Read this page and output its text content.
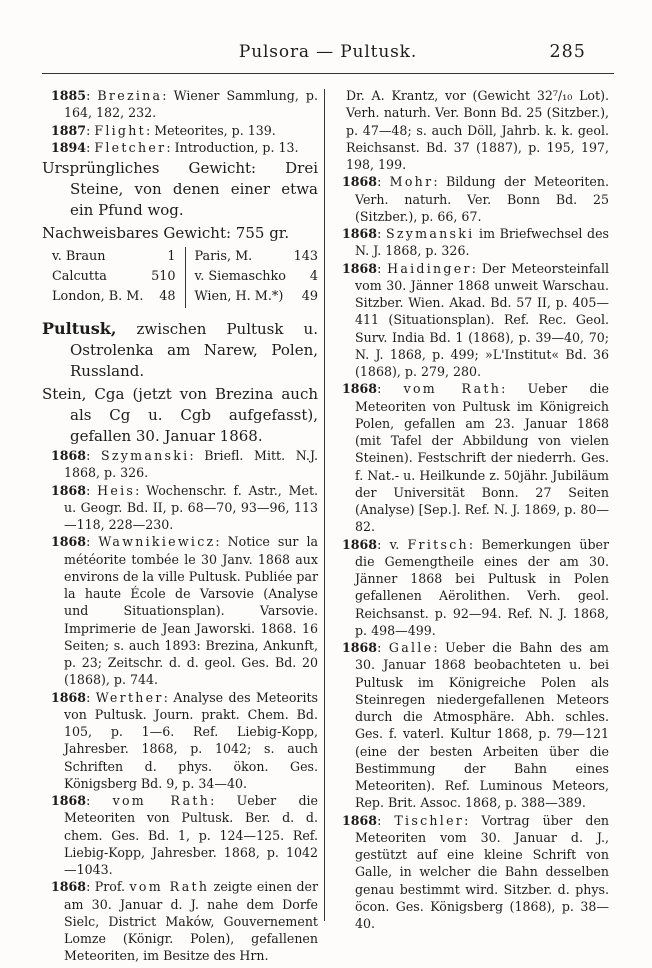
Pulsora — Pultusk.	285

1885: Brezina: Wiener Sammlung, p. 164, 182, 232.

1887: Flight: Meteorites, p. 139.

1894: Fletcher: Introduction, p. 13.

Ursprüngliches Gewicht: Drei Steine, von denen einer etwa ein Pfund wog.

Nachweisbares Gewicht: 755 gr.

v. Braun	1 Paris, M.	143
Calcutta	510 v. Siemaschko	4
London, B. M.	48 Wien, H. M.*)	49

Pultusk, zwischen Pultusk u. Ostrolenka am Narew, Polen, Russland.

Stein, Cga (jetzt von Brezina auch als Cg u. Cgb aufgefasst), gefallen 30. Januar 1868.

1868: Szymanski: Briefl. Mitt. N.J. 1868, p. 326.

1868: Heis: Wochenschr. f. Astr., Met. u. Geogr. Bd. II, p. 68—70, 93—96, 113—118, 228—230.

1868: Wawnikiewicz: Notice sur la météorite tombée le 30 Janv. 1868 aux environs de la ville Pultusk. Publiée par la haute École de Varsovie (Analyse und Situationsplan). Varsovie. Imprimerie de Jean Jaworski. 1868. 16 Seiten; s. auch 1893: Brezina, Ankunft, p. 23; Zeitschr. d. d. geol. Ges. Bd. 20 (1868), p. 744.

1868: Werther: Analyse des Meteorits von Pultusk. Journ. prakt. Chem. Bd. 105, p. 1—6. Ref. Liebig-Kopp, Jahresber. 1868, p. 1042; s. auch Schriften d. phys. ökon. Ges. Königsberg Bd. 9, p. 34—40.

1868: vom Rath: Ueber die Meteoriten von Pultusk. Ber. d. d. chem. Ges. Bd. 1, p. 124—125. Ref. Liebig-Kopp, Jahresber. 1868, p. 1042—1043.

1868: Prof. vom Rath zeigte einen der am 30. Januar d. J. nahe dem Dorfe Sielc, District Maków, Gouvernement Lomze (Königr. Polen), gefallenen Meteoriten, im Besitze des Hrn.

Dr. A. Krantz, vor (Gewicht 32⁷/₁₀ Lot). Verh. naturh. Ver. Bonn Bd. 25 (Sitzber.), p. 47—48; s. auch Döll, Jahrb. k. k. geol. Reichsanst. Bd. 37 (1887), p. 195, 197, 198, 199.

1868: Mohr: Bildung der Meteoriten. Verh. naturh. Ver. Bonn Bd. 25 (Sitzber.), p. 66, 67.

1868: Szymanski im Briefwechsel des N. J. 1868, p. 326.

1868: Haidinger: Der Meteorsteinfall vom 30. Jänner 1868 unweit Warschau. Sitzber. Wien. Akad. Bd. 57 II, p. 405—411 (Situationsplan). Ref. Rec. Geol. Surv. India Bd. 1 (1868), p. 39—40, 70; N. J. 1868, p. 499; »L'Institut« Bd. 36 (1868), p. 279, 280.

1868: vom Rath: Ueber die Meteoriten von Pultusk im Königreich Polen, gefallen am 23. Januar 1868 (mit Tafel der Abbildung von vielen Steinen). Festschrift der niederrh. Ges. f. Nat.- u. Heilkunde z. 50jähr. Jubiläum der Universität Bonn. 27 Seiten (Analyse) [Sep.]. Ref. N. J. 1869, p. 80—82.

1868: v. Fritsch: Bemerkungen über die Gemengtheile eines der am 30. Jänner 1868 bei Pultusk in Polen gefallenen Aërolithen. Verh. geol. Reichsanst. p. 92—94. Ref. N. J. 1868, p. 498—499.

1868: Galle: Ueber die Bahn des am 30. Januar 1868 beobachteten u. bei Pultusk im Königreiche Polen als Steinregen niedergefallenen Meteors durch die Atmosphäre. Abh. schles. Ges. f. vaterl. Kultur 1868, p. 79—121 (eine der besten Arbeiten über die Bestimmung der Bahn eines Meteoriten). Ref. Luminous Meteors, Rep. Brit. Assoc. 1868, p. 388—389.

1868: Tischler: Vortrag über den Meteoriten vom 30. Januar d. J., gestützt auf eine kleine Schrift von Galle, in welcher die Bahn desselben genau bestimmt wird. Sitzber. d. phys. öcon. Ges. Königsberg (1868), p. 38—40.
